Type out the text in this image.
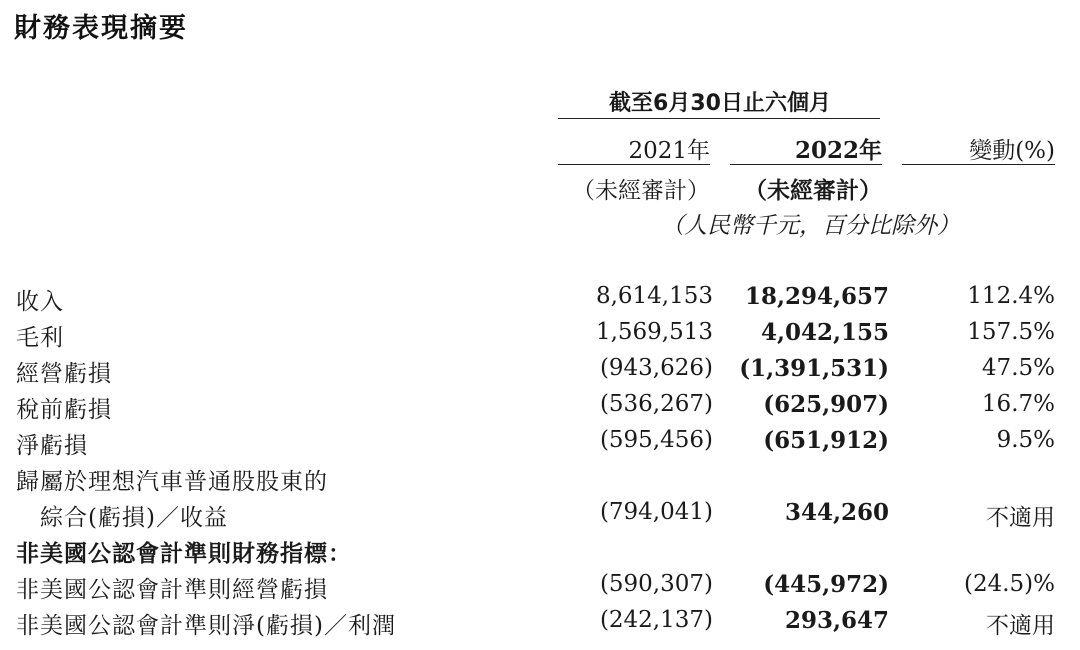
財務表現摘要
截至6月30日止六個月
2021年	2022年	變動(%)
（未經審計）	（未經審計）
（人民幣千元，百分比除外）
收入	8,614,153	18,294,657	112.4%
毛利	1,569,513	4,042,155	157.5%
經營虧損	(943,626)	(1,391,531)	47.5%
稅前虧損	(536,267)	(625,907)	16.7%
淨虧損	(595,456)	(651,912)	9.5%
歸屬於理想汽車普通股股東的
綜合(虧損)／收益	(794,041)	344,260	不適用
非美國公認會計準則財務指標：
非美國公認會計準則經營虧損	(590,307)	(445,972)	(24.5)%
非美國公認會計準則淨(虧損)／利潤	(242,137)	293,647	不適用
